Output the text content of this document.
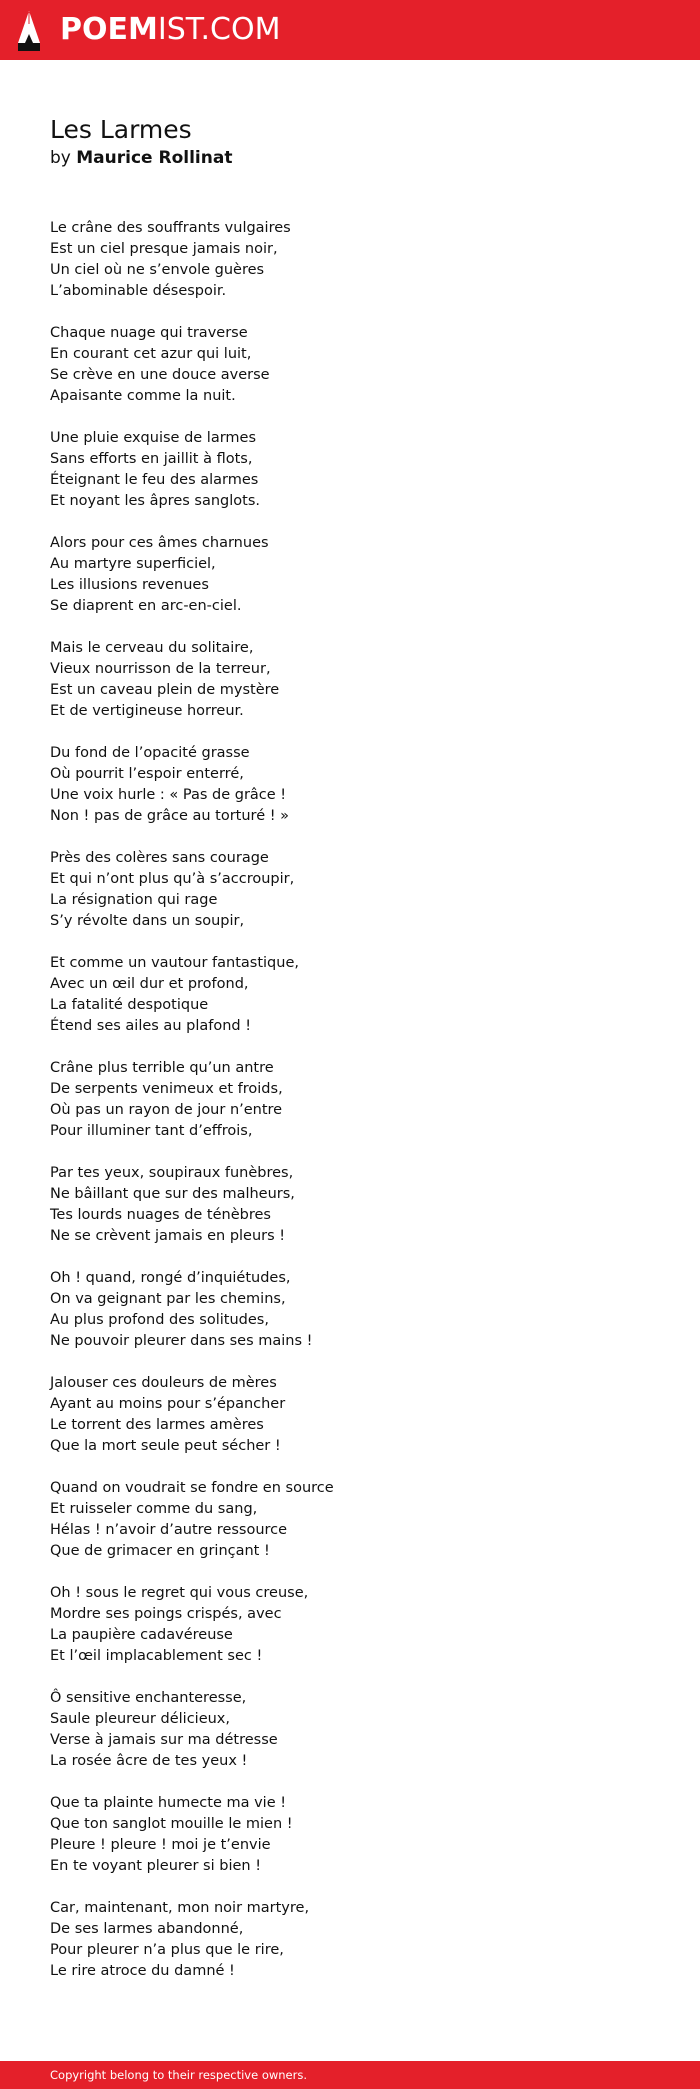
POEMIST.COM
Les Larmes
by Maurice Rollinat
Le crâne des souffrants vulgaires
Est un ciel presque jamais noir,
Un ciel où ne s’envole guères
L’abominable désespoir.
Chaque nuage qui traverse
En courant cet azur qui luit,
Se crève en une douce averse
Apaisante comme la nuit.
Une pluie exquise de larmes
Sans efforts en jaillit à flots,
Éteignant le feu des alarmes
Et noyant les âpres sanglots.
Alors pour ces âmes charnues
Au martyre superficiel,
Les illusions revenues
Se diaprent en arc-en-ciel.
Mais le cerveau du solitaire,
Vieux nourrisson de la terreur,
Est un caveau plein de mystère
Et de vertigineuse horreur.
Du fond de l’opacité grasse
Où pourrit l’espoir enterré,
Une voix hurle : « Pas de grâce !
Non ! pas de grâce au torturé ! »
Près des colères sans courage
Et qui n’ont plus qu’à s’accroupir,
La résignation qui rage
S’y révolte dans un soupir,
Et comme un vautour fantastique,
Avec un œil dur et profond,
La fatalité despotique
Étend ses ailes au plafond !
Crâne plus terrible qu’un antre
De serpents venimeux et froids,
Où pas un rayon de jour n’entre
Pour illuminer tant d’effrois,
Par tes yeux, soupiraux funèbres,
Ne bâillant que sur des malheurs,
Tes lourds nuages de ténèbres
Ne se crèvent jamais en pleurs !
Oh ! quand, rongé d’inquiétudes,
On va geignant par les chemins,
Au plus profond des solitudes,
Ne pouvoir pleurer dans ses mains !
Jalouser ces douleurs de mères
Ayant au moins pour s’épancher
Le torrent des larmes amères
Que la mort seule peut sécher !
Quand on voudrait se fondre en source
Et ruisseler comme du sang,
Hélas ! n’avoir d’autre ressource
Que de grimacer en grinçant !
Oh ! sous le regret qui vous creuse,
Mordre ses poings crispés, avec
La paupière cadavéreuse
Et l’œil implacablement sec !
Ô sensitive enchanteresse,
Saule pleureur délicieux,
Verse à jamais sur ma détresse
La rosée âcre de tes yeux !
Que ta plainte humecte ma vie !
Que ton sanglot mouille le mien !
Pleure ! pleure ! moi je t’envie
En te voyant pleurer si bien !
Car, maintenant, mon noir martyre,
De ses larmes abandonné,
Pour pleurer n’a plus que le rire,
Le rire atroce du damné !
Copyright belong to their respective owners.
